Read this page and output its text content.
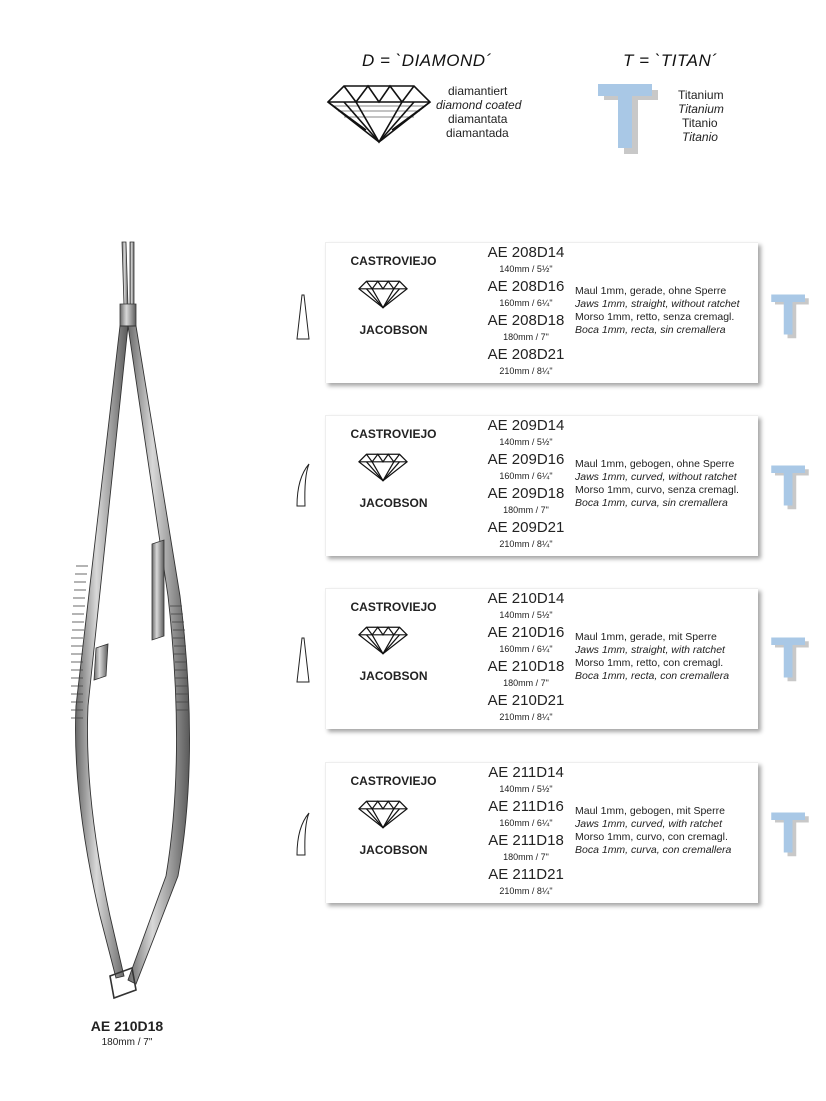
D = `DIAMOND´
diamantiert
diamond coated
diamantata
diamantada
T = `TITAN´
Titanium
Titanium
Titanio
Titanio
AE 210D18
180mm / 7"
CASTROVIEJO
JACOBSON
AE 208D14
140mm / 5½"
AE 208D16
160mm / 6¼"
AE 208D18
180mm / 7"
AE 208D21
210mm / 8¼"
Maul 1mm, gerade, ohne Sperre
Jaws 1mm, straight, without ratchet
Morso 1mm, retto, senza cremagl.
Boca 1mm, recta, sin cremallera
CASTROVIEJO
JACOBSON
AE 209D14
140mm / 5½"
AE 209D16
160mm / 6¼"
AE 209D18
180mm / 7"
AE 209D21
210mm / 8¼"
Maul 1mm, gebogen, ohne Sperre
Jaws 1mm, curved, without ratchet
Morso 1mm, curvo, senza cremagl.
Boca 1mm, curva, sin cremallera
CASTROVIEJO
JACOBSON
AE 210D14
140mm / 5½"
AE 210D16
160mm / 6¼"
AE 210D18
180mm / 7"
AE 210D21
210mm / 8¼"
Maul 1mm, gerade, mit Sperre
Jaws 1mm, straight, with ratchet
Morso 1mm, retto, con cremagl.
Boca 1mm, recta, con cremallera
CASTROVIEJO
JACOBSON
AE 211D14
140mm / 5½"
AE 211D16
160mm / 6¼"
AE 211D18
180mm / 7"
AE 211D21
210mm / 8¼"
Maul 1mm, gebogen, mit Sperre
Jaws 1mm, curved, with ratchet
Morso 1mm, curvo, con cremagl.
Boca 1mm, curva, con cremallera
